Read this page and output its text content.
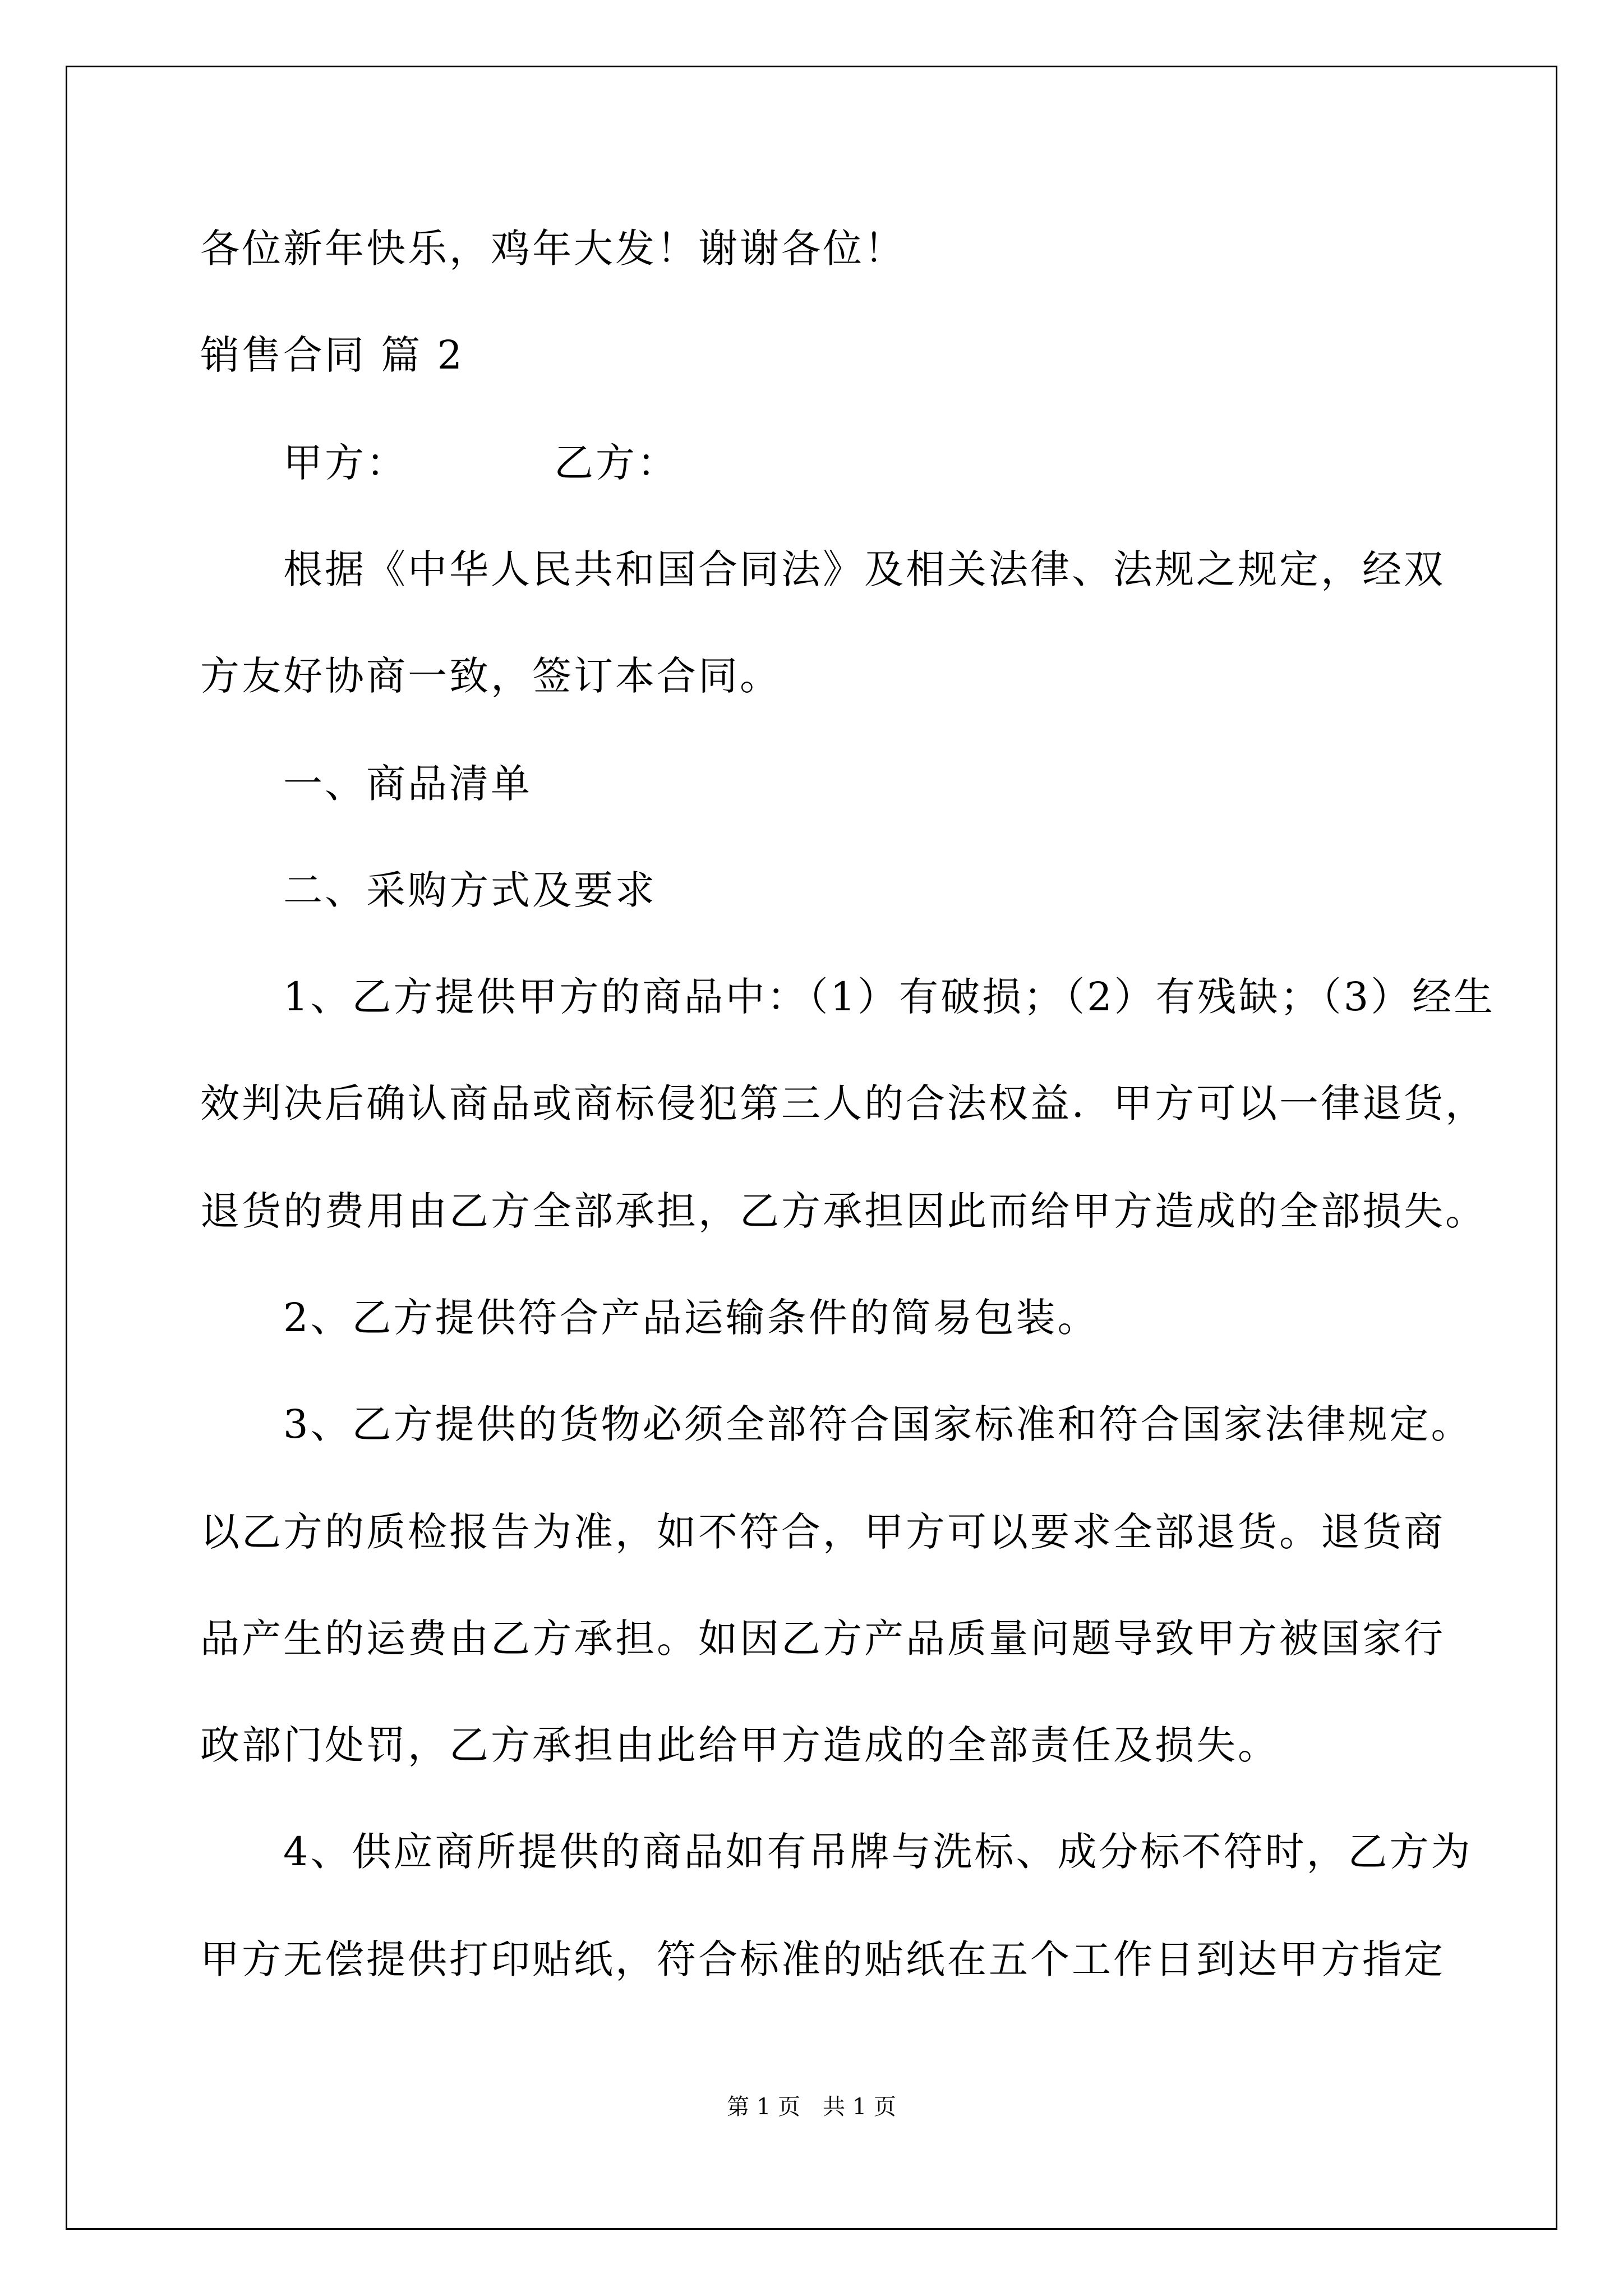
各位新年快乐，鸡年大发！谢谢各位！
销售合同 篇 2
甲方：　　　　乙方：
根据《中华人民共和国合同法》及相关法律、法规之规定，经双
方友好协商一致，签订本合同。
一、商品清单
二、采购方式及要求
1、乙方提供甲方的商品中：（1）有破损；（2）有残缺；（3）经生
效判决后确认商品或商标侵犯第三人的合法权益．甲方可以一律退货，
退货的费用由乙方全部承担，乙方承担因此而给甲方造成的全部损失。
2、乙方提供符合产品运输条件的简易包装。
3、乙方提供的货物必须全部符合国家标准和符合国家法律规定。
以乙方的质检报告为准，如不符合，甲方可以要求全部退货。退货商
品产生的运费由乙方承担。如因乙方产品质量问题导致甲方被国家行
政部门处罚，乙方承担由此给甲方造成的全部责任及损失。
4、供应商所提供的商品如有吊牌与洗标、成分标不符时，乙方为
甲方无偿提供打印贴纸，符合标准的贴纸在五个工作日到达甲方指定
第 1 页　共 1 页
